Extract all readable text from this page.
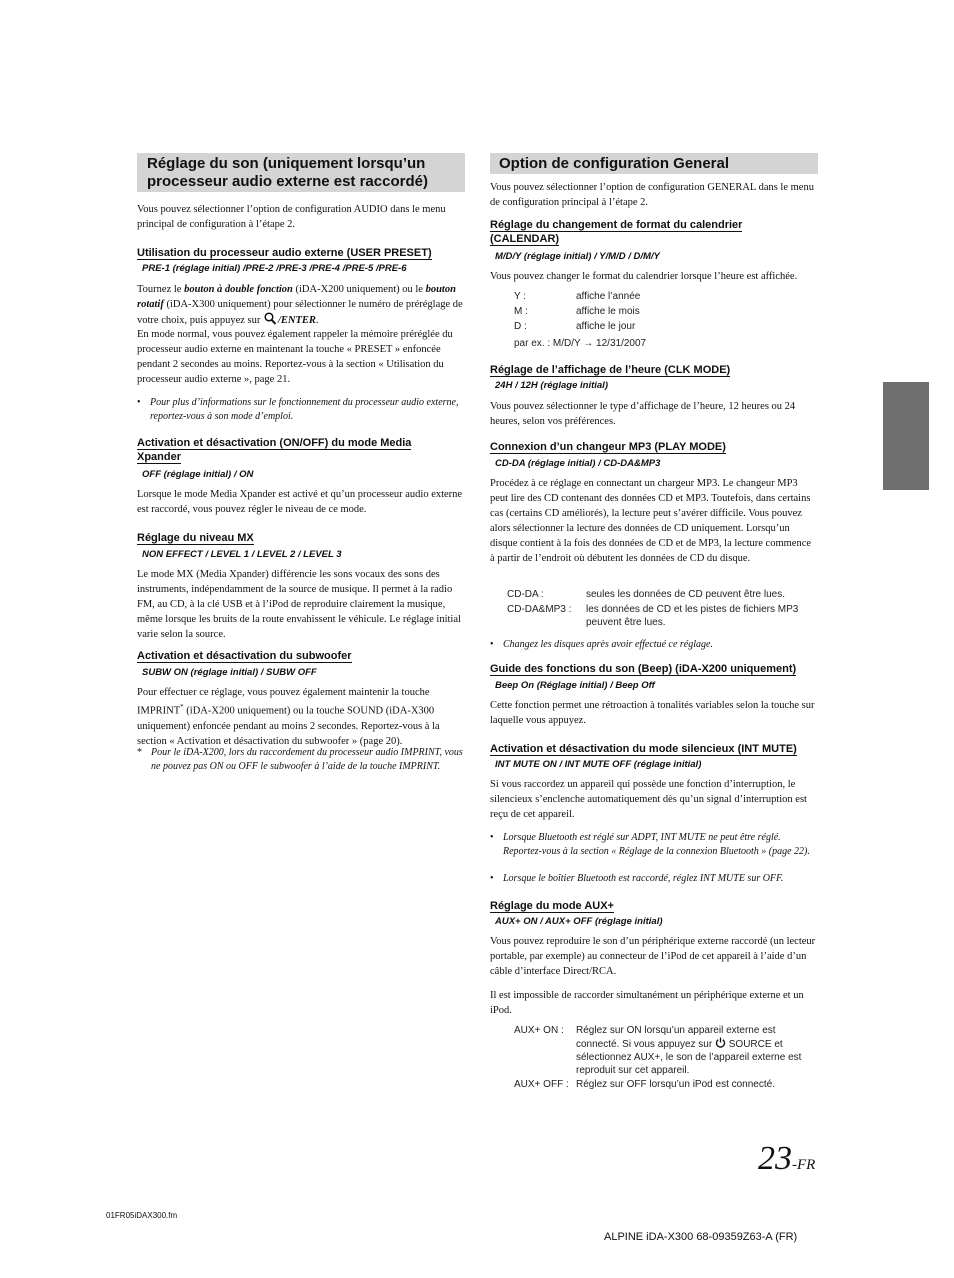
Réglage du son (uniquement lorsqu’un
processeur audio externe est raccordé)
Vous pouvez sélectionner l’option de configuration AUDIO dans le menu principal de configuration à l’étape 2.
Utilisation du processeur audio externe (USER PRESET)
PRE-1 (réglage initial) /PRE-2 /PRE-3 /PRE-4 /PRE-5 /PRE-6
Tournez le bouton à double fonction (iDA-X200 uniquement) ou le bouton rotatif (iDA-X300 uniquement) pour sélectionner le numéro de préréglage de votre choix, puis appuyez sur /ENTER.
En mode normal, vous pouvez également rappeler la mémoire préréglée du processeur audio externe en maintenant la touche « PRESET » enfoncée pendant 2 secondes au moins. Reportez-vous à la section « Utilisation du processeur audio externe », page 21.
• Pour plus d’informations sur le fonctionnement du processeur audio externe, reportez-vous à son mode d’emploi.
Activation et désactivation (ON/OFF) du mode Media
Xpander
OFF (réglage initial) / ON
Lorsque le mode Media Xpander est activé et qu’un processeur audio externe est raccordé, vous pouvez régler le niveau de ce mode.
Réglage du niveau MX
NON EFFECT / LEVEL 1 / LEVEL 2 / LEVEL 3
Le mode MX (Media Xpander) différencie les sons vocaux des sons des instruments, indépendamment de la source de musique. Il permet à la radio FM, au CD, à la clé USB et à l’iPod de reproduire clairement la musique, même lorsque les bruits de la route envahissent le véhicule. Le réglage initial varie selon la source.
Activation et désactivation du subwoofer
SUBW ON (réglage initial) / SUBW OFF
Pour effectuer ce réglage, vous pouvez également maintenir la touche IMPRINT* (iDA-X200 uniquement) ou la touche SOUND (iDA-X300 uniquement) enfoncée pendant au moins 2 secondes. Reportez-vous à la section « Activation et désactivation du subwoofer » (page 20).
* Pour le iDA-X200, lors du raccordement du processeur audio IMPRINT, vous ne pouvez pas ON ou OFF le subwoofer à l’aide de la touche IMPRINT.
Option de configuration General
Vous pouvez sélectionner l’option de configuration GENERAL dans le menu de configuration principal à l’étape 2.
Réglage du changement de format du calendrier
(CALENDAR)
M/D/Y (réglage initial) / Y/M/D / D/M/Y
Vous pouvez changer le format du calendrier lorsque l’heure est affichée.
Y :	affiche l’année
M :	affiche le mois
D :	affiche le jour
par ex. : M/D/Y → 12/31/2007
Réglage de l’affichage de l’heure (CLK MODE)
24H / 12H (réglage initial)
Vous pouvez sélectionner le type d’affichage de l’heure, 12 heures ou 24 heures, selon vos préférences.
Connexion d’un changeur MP3 (PLAY MODE)
CD-DA (réglage initial) / CD-DA&MP3
Procédez à ce réglage en connectant un chargeur MP3. Le changeur MP3 peut lire des CD contenant des données CD et MP3. Toutefois, dans certains cas (certains CD améliorés), la lecture peut s’avérer difficile. Vous pouvez alors sélectionner la lecture des données de CD uniquement. Lorsqu’un disque contient à la fois des données de CD et de MP3, la lecture commence à partir de l’endroit où débutent les données de CD du disque.
CD-DA :	seules les données de CD peuvent être lues.
CD-DA&MP3 : les données de CD et les pistes de fichiers MP3 peuvent être lues.
• Changez les disques après avoir effectué ce réglage.
Guide des fonctions du son (Beep) (iDA-X200 uniquement)
Beep On (Réglage initial) / Beep Off
Cette fonction permet une rétroaction à tonalités variables selon la touche sur laquelle vous appuyez.
Activation et désactivation du mode silencieux (INT MUTE)
INT MUTE ON / INT MUTE OFF (réglage initial)
Si vous raccordez un appareil qui possède une fonction d’interruption, le silencieux s’enclenche automatiquement dès qu’un signal d’interruption est reçu de cet appareil.
• Lorsque Bluetooth est réglé sur ADPT, INT MUTE ne peut être réglé. Reportez-vous à la section « Réglage de la connexion Bluetooth » (page 22).
• Lorsque le boîtier Bluetooth est raccordé, réglez INT MUTE sur OFF.
Réglage du mode AUX+
AUX+ ON / AUX+ OFF (réglage initial)
Vous pouvez reproduire le son d’un périphérique externe raccordé (un lecteur portable, par exemple) au connecteur de l’iPod de cet appareil à l’aide d’un câble d’interface Direct/RCA.
Il est impossible de raccorder simultanément un périphérique externe et un iPod.
AUX+ ON : Réglez sur ON lorsqu’un appareil externe est connecté. Si vous appuyez sur  SOURCE et sélectionnez AUX+, le son de l’appareil externe est reproduit sur cet appareil.
AUX+ OFF : Réglez sur OFF lorsqu’un iPod est connecté.
23-FR
01FR05iDAX300.fm
ALPINE iDA-X300 68-09359Z63-A (FR)
